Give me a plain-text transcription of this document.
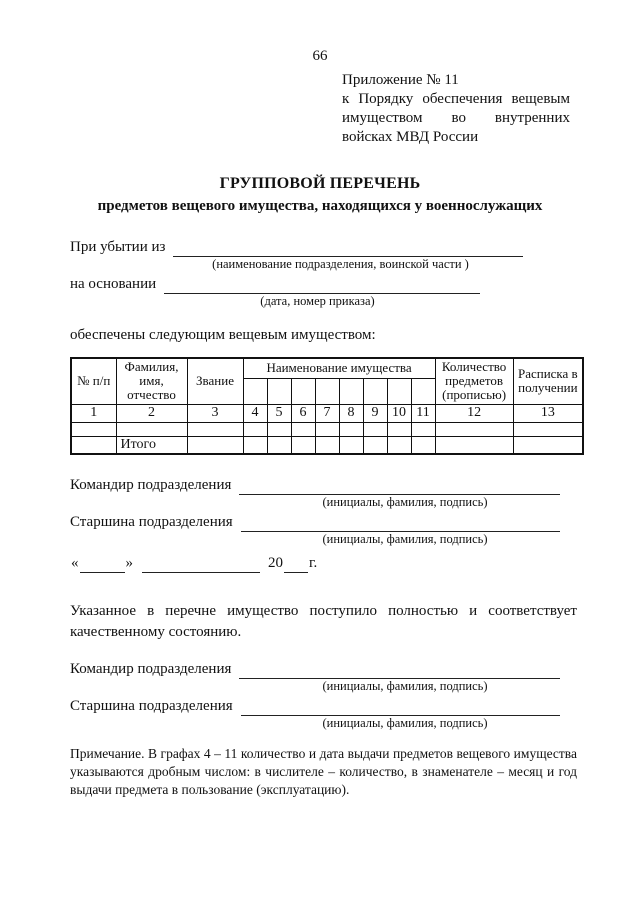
66
Приложение № 11
к Порядку обеспечения вещевым
имуществом во внутренних
войсках МВД России
ГРУППОВОЙ ПЕРЕЧЕНЬ
предметов вещевого имущества, находящихся у военнослужащих
При убытии из
(наименование подразделения, воинской части )
на основании
(дата, номер приказа)
обеспечены следующим вещевым имуществом:
№ п/п	Фамилия, имя, отчество	Звание	Наименование имущества								Количество предметов (прописью)	Расписка в получении

1	2	3	4	5	6	7	8	9	10	11	12	13

	Итого											
Командир подразделения
(инициалы, фамилия, подпись)
Старшина подразделения
(инициалы, фамилия, подпись)
«	»	20 г.
Указанное в перечне имущество поступило полностью и соответствует качественному состоянию.
Командир подразделения
(инициалы, фамилия, подпись)
Старшина подразделения
(инициалы, фамилия, подпись)
Примечание. В графах 4 – 11 количество и дата выдачи предметов вещевого имущества указываются дробным числом: в числителе – количество, в знаменателе – месяц и год выдачи предмета в пользование (эксплуатацию).
